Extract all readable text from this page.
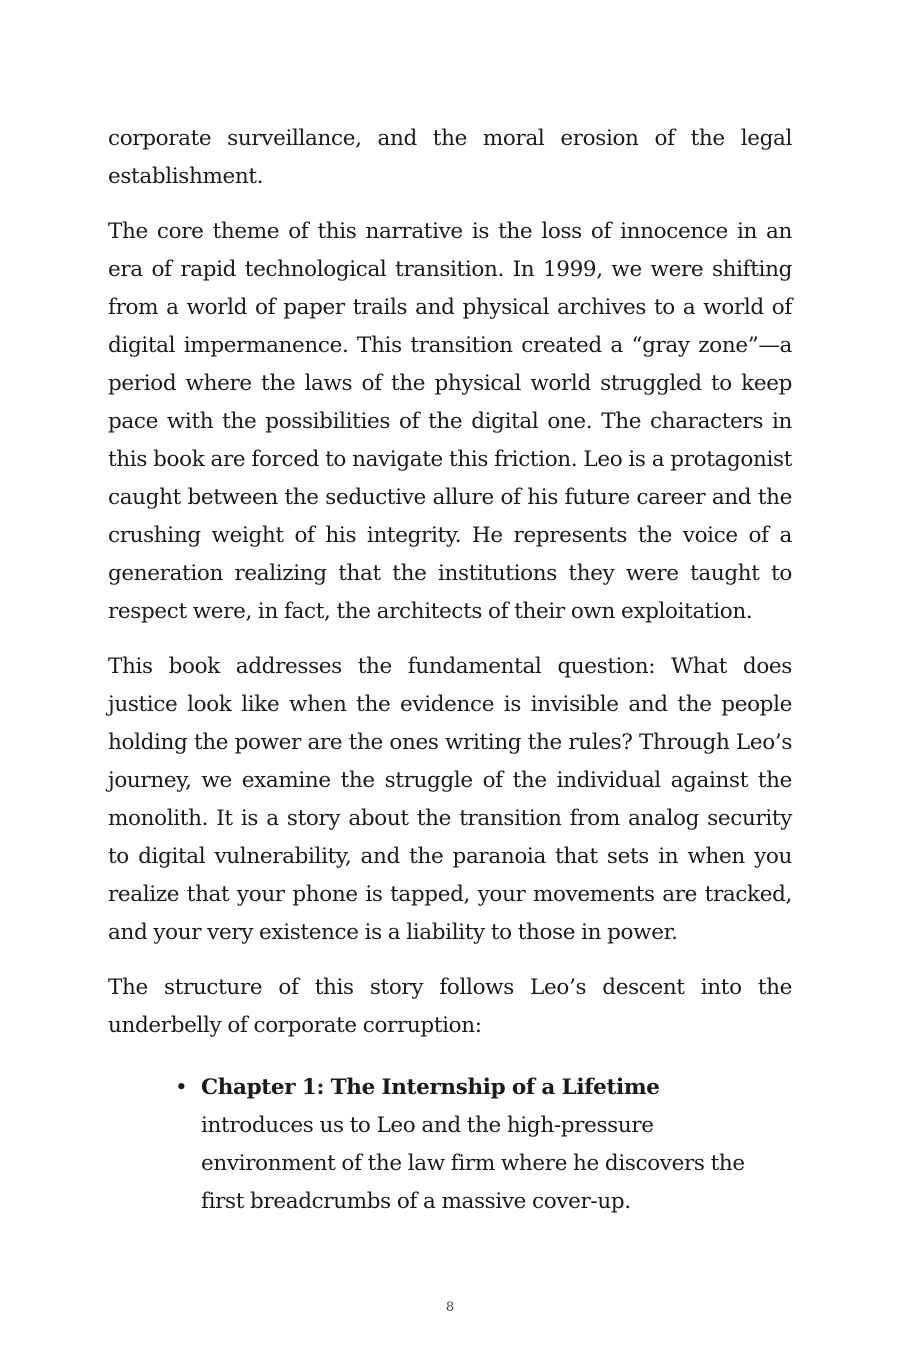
corporate surveillance, and the moral erosion of the legal establishment.

The core theme of this narrative is the loss of innocence in an era of rapid technological transition. In 1999, we were shifting from a world of paper trails and physical archives to a world of digital impermanence. This transition created a “gray zone”—a period where the laws of the physical world struggled to keep pace with the possibilities of the digital one. The characters in this book are forced to navigate this friction. Leo is a protagonist caught between the seductive allure of his future career and the crushing weight of his integrity. He represents the voice of a generation realizing that the institutions they were taught to respect were, in fact, the architects of their own exploitation.

This book addresses the fundamental question: What does justice look like when the evidence is invisible and the people holding the power are the ones writing the rules? Through Leo’s journey, we examine the struggle of the individual against the monolith. It is a story about the transition from analog security to digital vulnerability, and the paranoia that sets in when you realize that your phone is tapped, your movements are tracked, and your very existence is a liability to those in power.

The structure of this story follows Leo’s descent into the underbelly of corporate corruption:

• Chapter 1: The Internship of a Lifetime
introduces us to Leo and the high-pressure environment of the law firm where he discovers the first breadcrumbs of a massive cover-up.
8
